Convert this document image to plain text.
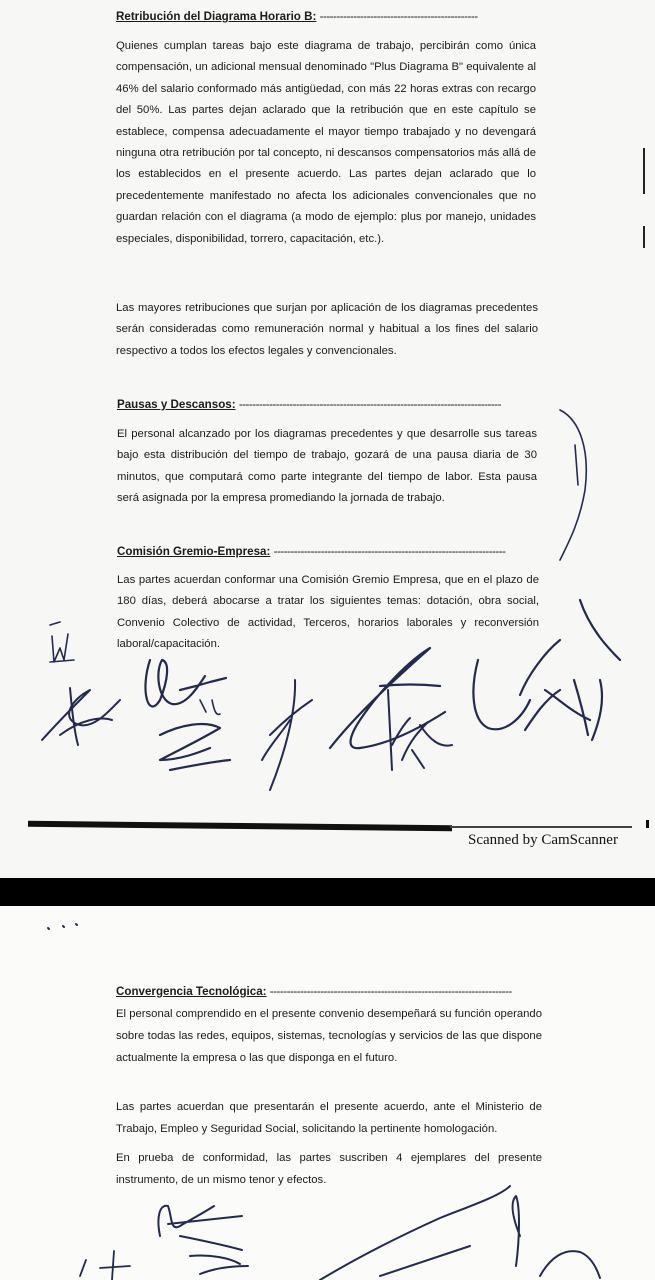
Retribución del Diagrama Horario B: -----------------------------------------------

Quienes cumplan tareas bajo este diagrama de trabajo, percibirán como única compensación, un adicional mensual denominado "Plus Diagrama B" equivalente al 46% del salario conformado más antigüedad, con más 22 horas extras con recargo del 50%. Las partes dejan aclarado que la retribución que en este capítulo se establece, compensa adecuadamente el mayor tiempo trabajado y no devengará ninguna otra retribución por tal concepto, ni descansos compensatorios más allá de los establecidos en el presente acuerdo. Las partes dejan aclarado que lo precedentemente manifestado no afecta los adicionales convencionales que no guardan relación con el diagrama (a modo de ejemplo: plus por manejo, unidades especiales, disponibilidad, torrero, capacitación, etc.).

Las mayores retribuciones que surjan por aplicación de los diagramas precedentes serán consideradas como remuneración normal y habitual a los fines del salario respectivo a todos los efectos legales y convencionales.

Pausas y Descansos: ------------------------------------------------------------------------------

El personal alcanzado por los diagramas precedentes y que desarrolle sus tareas bajo esta distribución del tiempo de trabajo, gozará de una pausa diaria de 30 minutos, que computará como parte integrante del tiempo de labor. Esta pausa será asignada por la empresa promediando la jornada de trabajo.

Comisión Gremio-Empresa: ---------------------------------------------------------------------

Las partes acuerdan conformar una Comisión Gremio Empresa, que en el plazo de 180 días, deberá abocarse a tratar los siguientes temas: dotación, obra social, Convenio Colectivo de actividad, Terceros, horarios laborales y reconversión laboral/capacitación.

Scanned by CamScanner
Convergencia Tecnológica: ------------------------------------------------------------------------

El personal comprendido en el presente convenio desempeñará su función operando sobre todas las redes, equipos, sistemas, tecnologías y servicios de las que dispone actualmente la empresa o las que disponga en el futuro.

Las partes acuerdan que presentarán el presente acuerdo, ante el Ministerio de Trabajo, Empleo y Seguridad Social, solicitando la pertinente homologación.

En prueba de conformidad, las partes suscriben 4 ejemplares del presente instrumento, de un mismo tenor y efectos.
